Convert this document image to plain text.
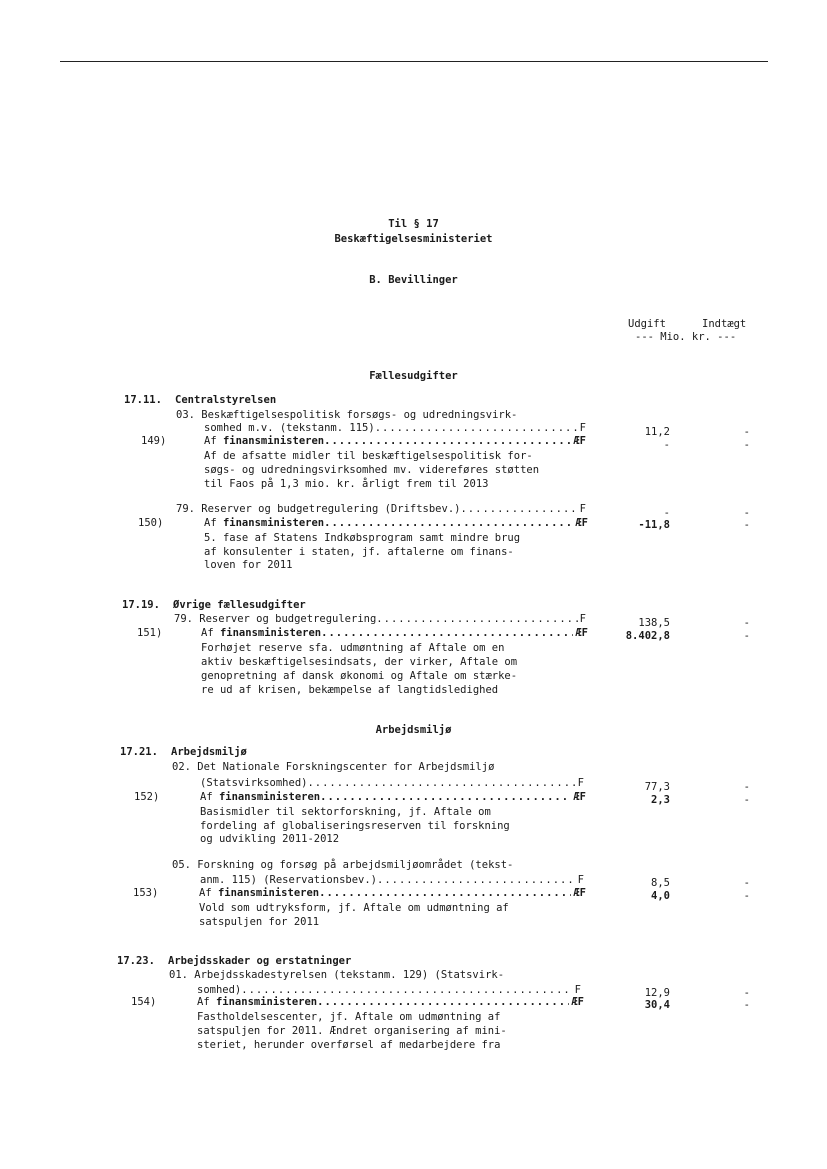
Til § 17
Beskæftigelsesministeriet
B. Bevillinger
Udgift	Indtægt
--- Mio. kr. ---
Fællesudgifter
17.11. Centralstyrelsen
03. Beskæftigelsespolitisk forsøgs- og udredningsvirk-
somhed m.v. (tekstanm. 115) .....	F	11,2	-
149)	Af finansministeren .....	ÆF	-	-
Af de afsatte midler til beskæftigelsespolitisk for-
søgs- og udredningsvirksomhed mv. videreføres støtten
til Faos på 1,3 mio. kr. årligt frem til 2013
79. Reserver og budgetregulering (Driftsbev.) .....	F	-	-
150)	Af finansministeren .....	ÆF	-11,8	-
5. fase af Statens Indkøbsprogram samt mindre brug
af konsulenter i staten, jf. aftalerne om finans-
loven for 2011
17.19. Øvrige fællesudgifter
79. Reserver og budgetregulering .....	F	138,5	-
151)	Af finansministeren .....	ÆF	8.402,8	-
Forhøjet reserve sfa. udmøntning af Aftale om en
aktiv beskæftigelsesindsats, der virker, Aftale om
genopretning af dansk økonomi og Aftale om stærke-
re ud af krisen, bekæmpelse af langtidsledighed
Arbejdsmiljø
17.21. Arbejdsmiljø
02. Det Nationale Forskningscenter for Arbejdsmiljø
(Statsvirksomhed) .....	F	77,3	-
152)	Af finansministeren .....	ÆF	2,3	-
Basismidler til sektorforskning, jf. Aftale om
fordeling af globaliseringsreserven til forskning
og udvikling 2011-2012
05. Forskning og forsøg på arbejdsmiljøområdet (tekst-
anm. 115) (Reservationsbev.) .....	F	8,5	-
153)	Af finansministeren .....	ÆF	4,0	-
Vold som udtryksform, jf. Aftale om udmøntning af
satspuljen for 2011
17.23. Arbejdsskader og erstatninger
01. Arbejdsskadestyrelsen (tekstanm. 129) (Statsvirk-
somhed) .....	F	12,9	-
154)	Af finansministeren .....	ÆF	30,4	-
Fastholdelsescenter, jf. Aftale om udmøntning af
satspuljen for 2011. Ændret organisering af mini-
steriet, herunder overførsel af medarbejdere fra
